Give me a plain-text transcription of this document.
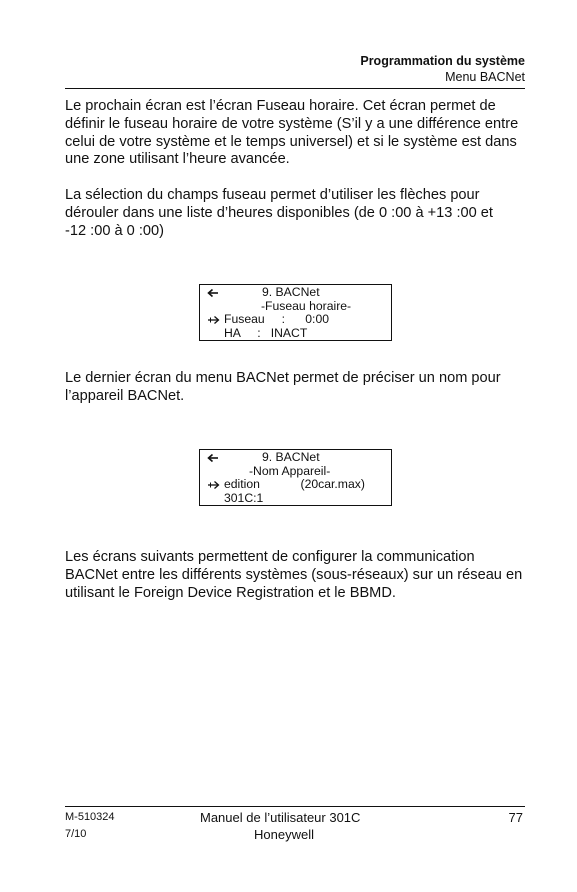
Programmation du système
Menu BACNet
Le prochain écran est l’écran Fuseau horaire. Cet écran permet de
définir le fuseau horaire de votre système (S’il y a une différence entre
celui de votre système et le temps universel) et si le système est dans
une zone utilisant l’heure avancée.
La sélection du champs fuseau permet d’utiliser les flèches pour
dérouler dans une liste d’heures disponibles (de 0 :00 à +13 :00 et
-12 :00 à 0 :00)
9. BACNet
-Fuseau horaire-
Fuseau     :      0:00
HA     :   INACT
Le dernier écran du menu BACNet permet de préciser un nom pour
l’appareil BACNet.
9. BACNet
-Nom Appareil-
edition            (20car.max)
301C:1
Les écrans suivants permettent de configurer la communication
BACNet entre les différents systèmes (sous-réseaux) sur un réseau en
utilisant le Foreign Device Registration et le BBMD.
M-510324
7/10
Manuel de l’utilisateur 301C
Honeywell
77
